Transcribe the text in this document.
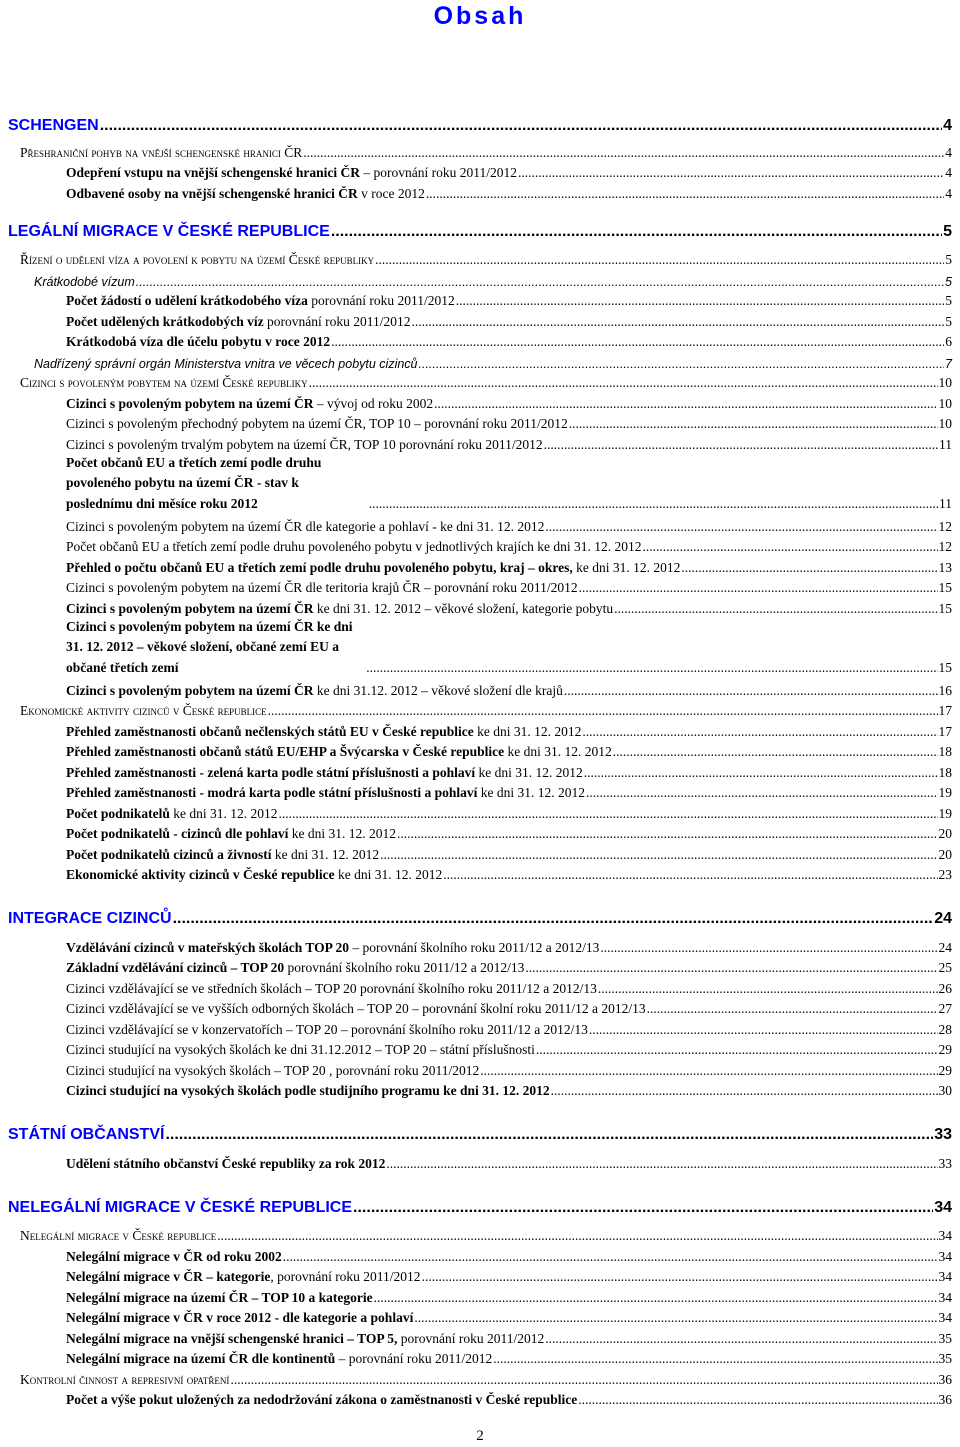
Obsah
SCHENGEN .....	4
Přeshraniční pohyb na vnější schengenské hranici ČR .....	4
Odepření vstupu na vnější schengenské hranici ČR – porovnání roku 2011/2012 .....	4
Odbavené osoby na vnější schengenské hranici ČR v roce 2012 .....	4
LEGÁLNÍ MIGRACE V ČESKÉ REPUBLICE .....	5
Řízení o udělení víza a povolení k pobytu na území České republiky .....	5
Krátkodobé vízum .....	5
Počet žádostí o udělení krátkodobého víza porovnání roku 2011/2012 .....	5
Počet udělených krátkodobých víz porovnání roku 2011/2012 .....	5
Krátkodobá víza dle účelu pobytu v roce 2012 .....	6
Nadřízený správní orgán Ministerstva vnitra ve věcech pobytu cizinců .....	7
Cizinci s povoleným pobytem na území České republiky .....	10
Cizinci s povoleným pobytem na území ČR – vývoj od roku 2002 .....	10
Cizinci s povoleným přechodný pobytem na území ČR, TOP 10 – porovnání roku 2011/2012 .....	10
Cizinci s povoleným trvalým pobytem na území ČR, TOP 10 porovnání roku 2011/2012 .....	11
Počet občanů EU a třetích zemí podle druhu povoleného pobytu na území ČR - stav k poslednímu dni měsíce roku 2012 .....	11
Cizinci s povoleným pobytem na území ČR dle kategorie a pohlaví - ke dni 31. 12. 2012 .....	12
Počet občanů EU a třetích zemí podle druhu povoleného pobytu v jednotlivých krajích ke dni 31. 12. 2012 .....	12
Přehled o počtu občanů EU a třetích zemí podle druhu povoleného pobytu, kraj – okres, ke dni 31. 12. 2012 .....	13
Cizinci s povoleným pobytem na území ČR dle teritoria krajů ČR – porovnání roku 2011/2012 .....	15
Cizinci s povoleným pobytem na území ČR ke dni 31. 12. 2012 – věkové složení, kategorie pobytu .....	15
Cizinci s povoleným pobytem na území ČR ke dni 31. 12. 2012 – věkové složení, občané zemí EU a občané třetích zemí .....	15
Cizinci s povoleným pobytem na území ČR ke dni 31.12. 2012 – věkové složení dle krajů .....	16
Ekonomické aktivity cizinců v České republice .....	17
Přehled zaměstnanosti občanů nečlenských států EU v České republice ke dni 31. 12. 2012 .....	17
Přehled zaměstnanosti občanů států EU/EHP a Švýcarska v České republice ke dni 31. 12. 2012 .....	18
Přehled zaměstnanosti - zelená karta podle státní příslušnosti a pohlaví ke dni 31. 12. 2012 .....	18
Přehled zaměstnanosti - modrá karta podle státní příslušnosti a pohlaví ke dni 31. 12. 2012 .....	19
Počet podnikatelů ke dni 31. 12. 2012 .....	19
Počet podnikatelů - cizinců dle pohlaví ke dni 31. 12. 2012 .....	20
Počet podnikatelů cizinců a živností ke dni 31. 12. 2012 .....	20
Ekonomické aktivity cizinců v České republice ke dni 31. 12. 2012 .....	23
INTEGRACE CIZINCŮ .....	24
Vzdělávání cizinců v mateřských školách TOP 20 – porovnání školního roku 2011/12 a 2012/13 .....	24
Základní vzdělávání cizinců – TOP 20 porovnání školního roku 2011/12 a 2012/13 .....	25
Cizinci vzdělávající se ve středních školách – TOP 20 porovnání školního roku 2011/12 a 2012/13 .....	26
Cizinci vzdělávající se ve vyšších odborných školách – TOP 20 – porovnání školní roku 2011/12 a 2012/13 .....	27
Cizinci vzdělávající se v konzervatořích – TOP 20 – porovnání školního roku 2011/12 a 2012/13 .....	28
Cizinci studující na vysokých školách ke dni 31.12.2012 – TOP 20 – státní příslušnosti .....	29
Cizinci studující na vysokých školách – TOP 20 , porovnání roku 2011/2012 .....	29
Cizinci studující na vysokých školách podle studijního programu ke dni 31. 12. 2012 .....	30
STÁTNÍ OBČANSTVÍ .....	33
Udělení státního občanství České republiky za rok 2012 .....	33
NELEGÁLNÍ MIGRACE V ČESKÉ REPUBLICE .....	34
Nelegální migrace v České republice .....	34
Nelegální migrace v ČR od roku 2002 .....	34
Nelegální migrace v ČR – kategorie, porovnání roku 2011/2012 .....	34
Nelegální migrace na území ČR – TOP 10 a kategorie .....	34
Nelegální migrace v ČR v roce 2012 - dle kategorie a pohlaví .....	34
Nelegální migrace na vnější schengenské hranici – TOP 5, porovnání roku 2011/2012 .....	35
Nelegální migrace na území ČR dle kontinentů – porovnání roku 2011/2012 .....	35
Kontrolní činnost a represivní opatření .....	36
Počet a výše pokut uložených za nedodržování zákona o zaměstnanosti v České republice .....	36
2
